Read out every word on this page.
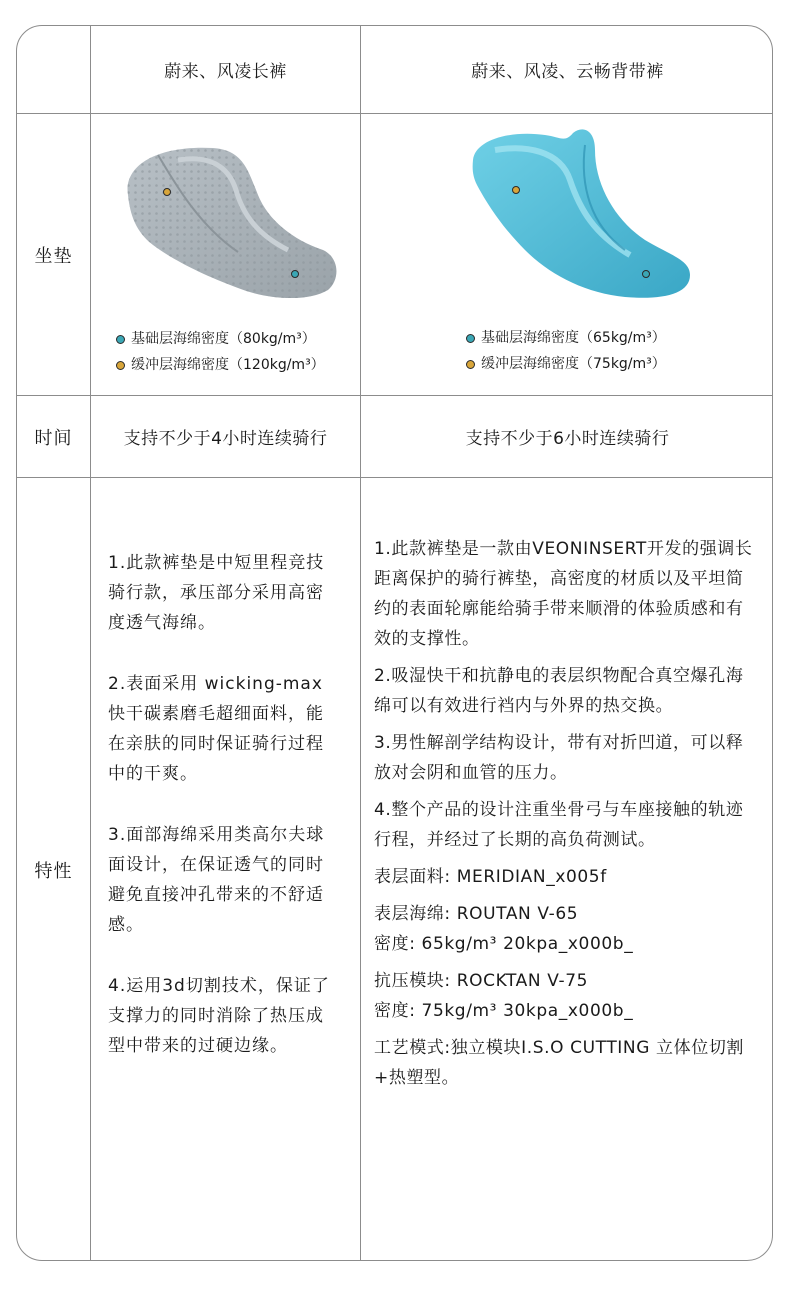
蔚来、风凌长裤	蔚来、风凌、云畅背带裤
坐垫
时间
特性
支持不少于4小时连续骑行	支持不少于6小时连续骑行
基础层海绵密度（80kg/m³）
缓冲层海绵密度（120kg/m³）
基础层海绵密度（65kg/m³）
缓冲层海绵密度（75kg/m³）

1.此款裤垫是中短里程竞技骑行款，承压部分采用高密度透气海绵。

2.表面采用 wicking-max 快干碳素磨毛超细面料，能在亲肤的同时保证骑行过程中的干爽。

3.面部海绵采用类高尔夫球面设计，在保证透气的同时避免直接冲孔带来的不舒适感。

4.运用3d切割技术，保证了支撑力的同时消除了热压成型中带来的过硬边缘。

1.此款裤垫是一款由VEONINSERT开发的强调长距离保护的骑行裤垫，高密度的材质以及平坦简约的表面轮廓能给骑手带来顺滑的体验质感和有效的支撑性。

2.吸湿快干和抗静电的表层织物配合真空爆孔海绵可以有效进行裆内与外界的热交换。

3.男性解剖学结构设计，带有对折凹道，可以释放对会阴和血管的压力。

4.整个产品的设计注重坐骨弓与车座接触的轨迹行程，并经过了长期的高负荷测试。

表层面料: MERIDIAN_x005f

表层海绵: ROUTAN V-65
密度: 65kg/m³ 20kpa_x000b_

抗压模块: ROCKTAN V-75
密度: 75kg/m³ 30kpa_x000b_

工艺模式:独立模块I.S.O CUTTING 立体位切割+热塑型。
